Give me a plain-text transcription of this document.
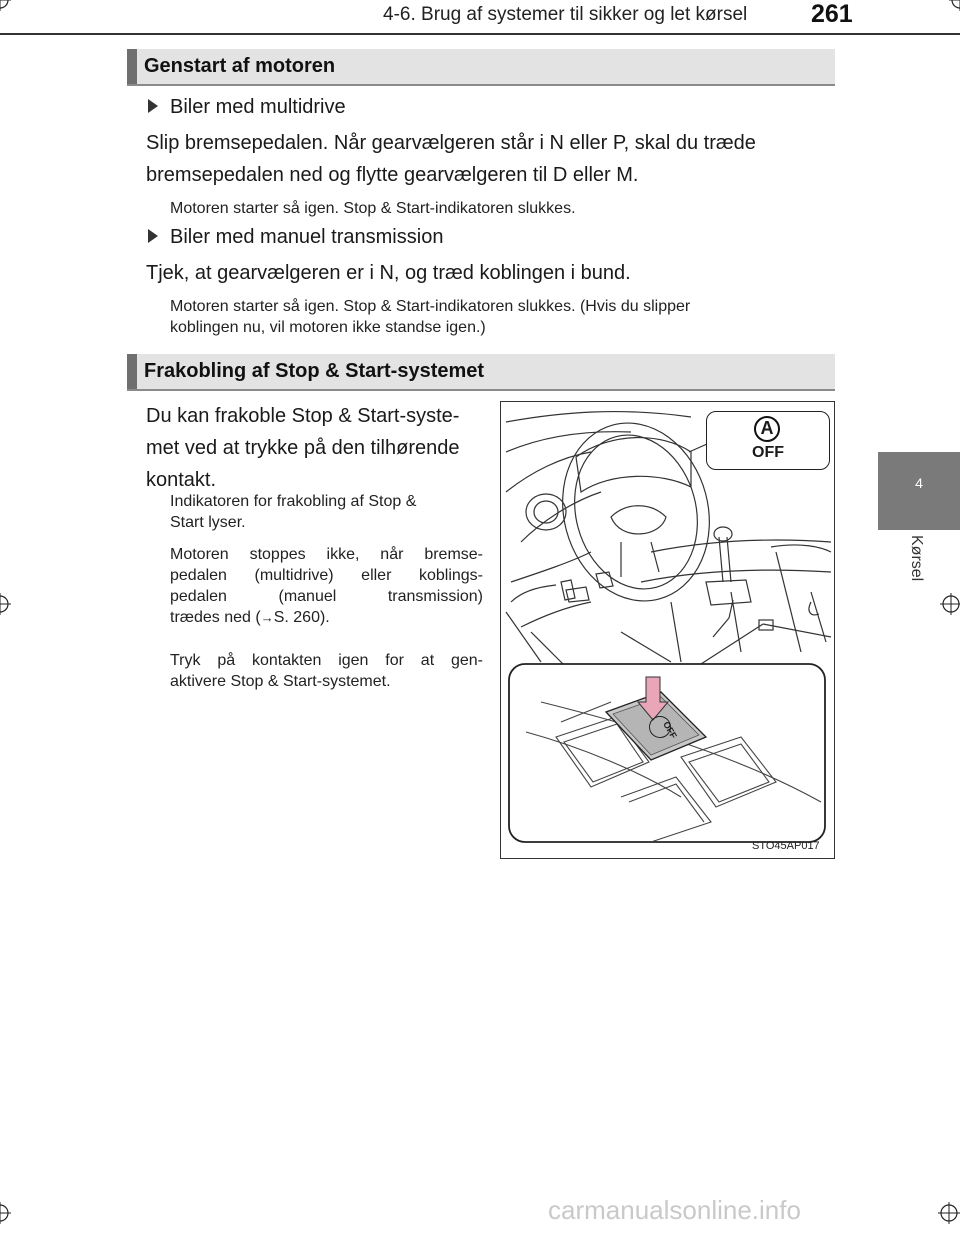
4-6. Brug af systemer til sikker og let kørsel	261
4
Kørsel
Genstart af motoren
Biler med multidrive
Slip bremsepedalen. Når gearvælgeren står i N eller P, skal du træde
bremsepedalen ned og flytte gearvælgeren til D eller M.
Motoren starter så igen. Stop & Start-indikatoren slukkes.
Biler med manuel transmission
Tjek, at gearvælgeren er i N, og træd koblingen i bund.
Motoren starter så igen. Stop & Start-indikatoren slukkes. (Hvis du slipper
koblingen nu, vil motoren ikke standse igen.)
Frakobling af Stop & Start-systemet
Du kan frakoble Stop & Start-syste-
met ved at trykke på den tilhørende
kontakt.
Indikatoren for frakobling af Stop &
Start lyser.
Motoren stoppes ikke, når bremse-
pedalen (multidrive) eller koblings-
pedalen (manuel transmission)
trædes ned (→S. 260).
Tryk på kontakten igen for at gen-
aktivere Stop & Start-systemet.
A
OFF
OFF
STO45AP017
carmanualsonline.info
